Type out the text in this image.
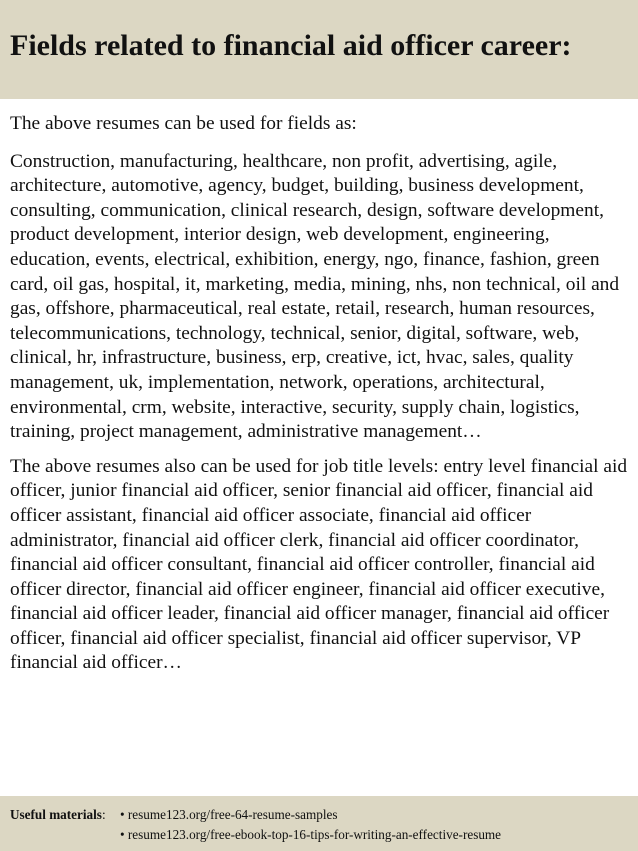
Fields related to financial aid officer career:

The above resumes can be used for fields as:

Construction, manufacturing, healthcare, non profit, advertising, agile, architecture, automotive, agency, budget, building, business development, consulting, communication, clinical research, design, software development, product development, interior design, web development, engineering, education, events, electrical, exhibition, energy, ngo, finance, fashion, green card, oil gas, hospital, it, marketing, media, mining, nhs, non technical, oil and gas, offshore, pharmaceutical, real estate, retail, research, human resources, telecommunications, technology, technical, senior, digital, software, web, clinical, hr, infrastructure, business, erp, creative, ict, hvac, sales, quality management, uk, implementation, network, operations, architectural, environmental, crm, website, interactive, security, supply chain, logistics, training, project management, administrative management…

The above resumes also can be used for job title levels: entry level financial aid officer, junior financial aid officer, senior financial aid officer, financial aid officer assistant, financial aid officer associate, financial aid officer administrator, financial aid officer clerk, financial aid officer coordinator, financial aid officer consultant, financial aid officer controller, financial aid officer director, financial aid officer engineer, financial aid officer executive, financial aid officer leader, financial aid officer manager, financial aid officer officer, financial aid officer specialist, financial aid officer supervisor, VP financial aid officer…

Useful materials:	• resume123.org/free-64-resume-samples
• resume123.org/free-ebook-top-16-tips-for-writing-an-effective-resume
